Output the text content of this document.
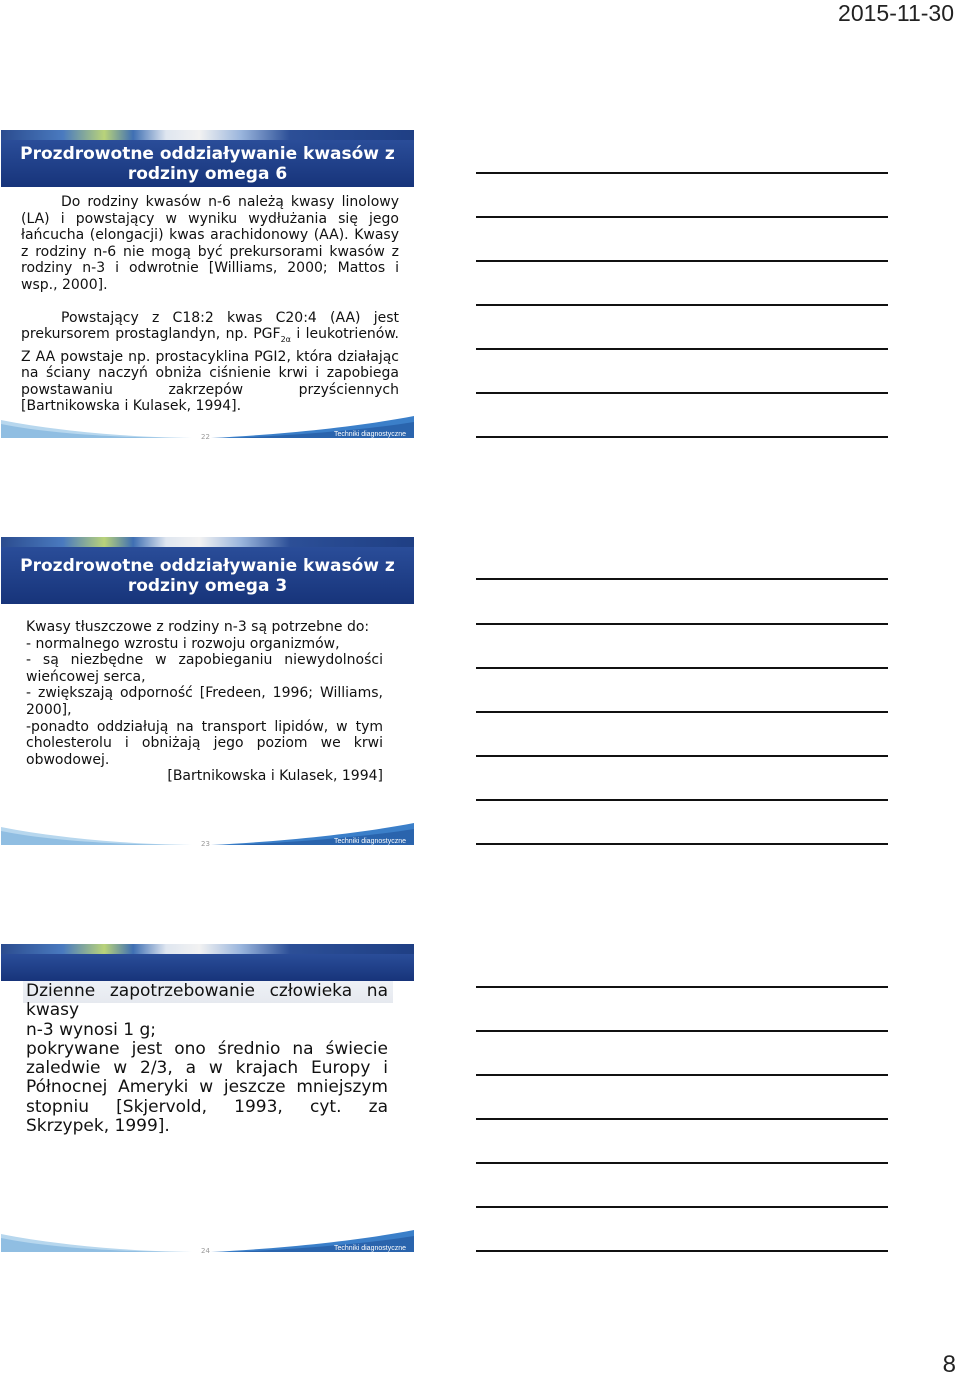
2015-11-30
Prozdrowotne oddziaływanie kwasów z
rodziny omega 6

Do rodziny kwasów n-6 należą kwasy linolowy (LA) i powstający w wyniku wydłużania się jego łańcucha (elongacji) kwas arachidonowy (AA). Kwasy z rodziny n-6 nie mogą być prekursorami kwasów z rodziny n-3 i odwrotnie [Williams, 2000; Mattos i wsp., 2000].

Powstający z C18:2 kwas C20:4 (AA) jest prekursorem prostaglandyn, np. $PGF_{2\alpha}$ i leukotrienów. Z AA powstaje np. prostacyklina PGI2, która działając na ściany naczyń obniża ciśnienie krwi i zapobiega powstawaniu zakrzepów przyściennych [Bartnikowska i Kulasek, 1994].

22	Techniki diagnostyczne
Prozdrowotne oddziaływanie kwasów z
rodziny omega 3

Kwasy tłuszczowe z rodziny n-3 są potrzebne do:

- normalnego wzrostu i rozwoju organizmów,

- są niezbędne w zapobieganiu niewydolności wieńcowej serca,

- zwiększają odporność [Fredeen, 1996; Williams, 2000],

-ponadto oddziałują na transport lipidów, w tym cholesterolu i obniżają jego poziom we krwi obwodowej.

[Bartnikowska i Kulasek, 1994]

23	Techniki diagnostyczne

Dzienne zapotrzebowanie człowieka na kwasy

n-3 wynosi 1 g;

pokrywane jest ono średnio na świecie zaledwie w 2/3, a w krajach Europy i Północnej Ameryki w jeszcze mniejszym stopniu [Skjervold, 1993, cyt. za Skrzypek, 1999].

24	Techniki diagnostyczne
8
